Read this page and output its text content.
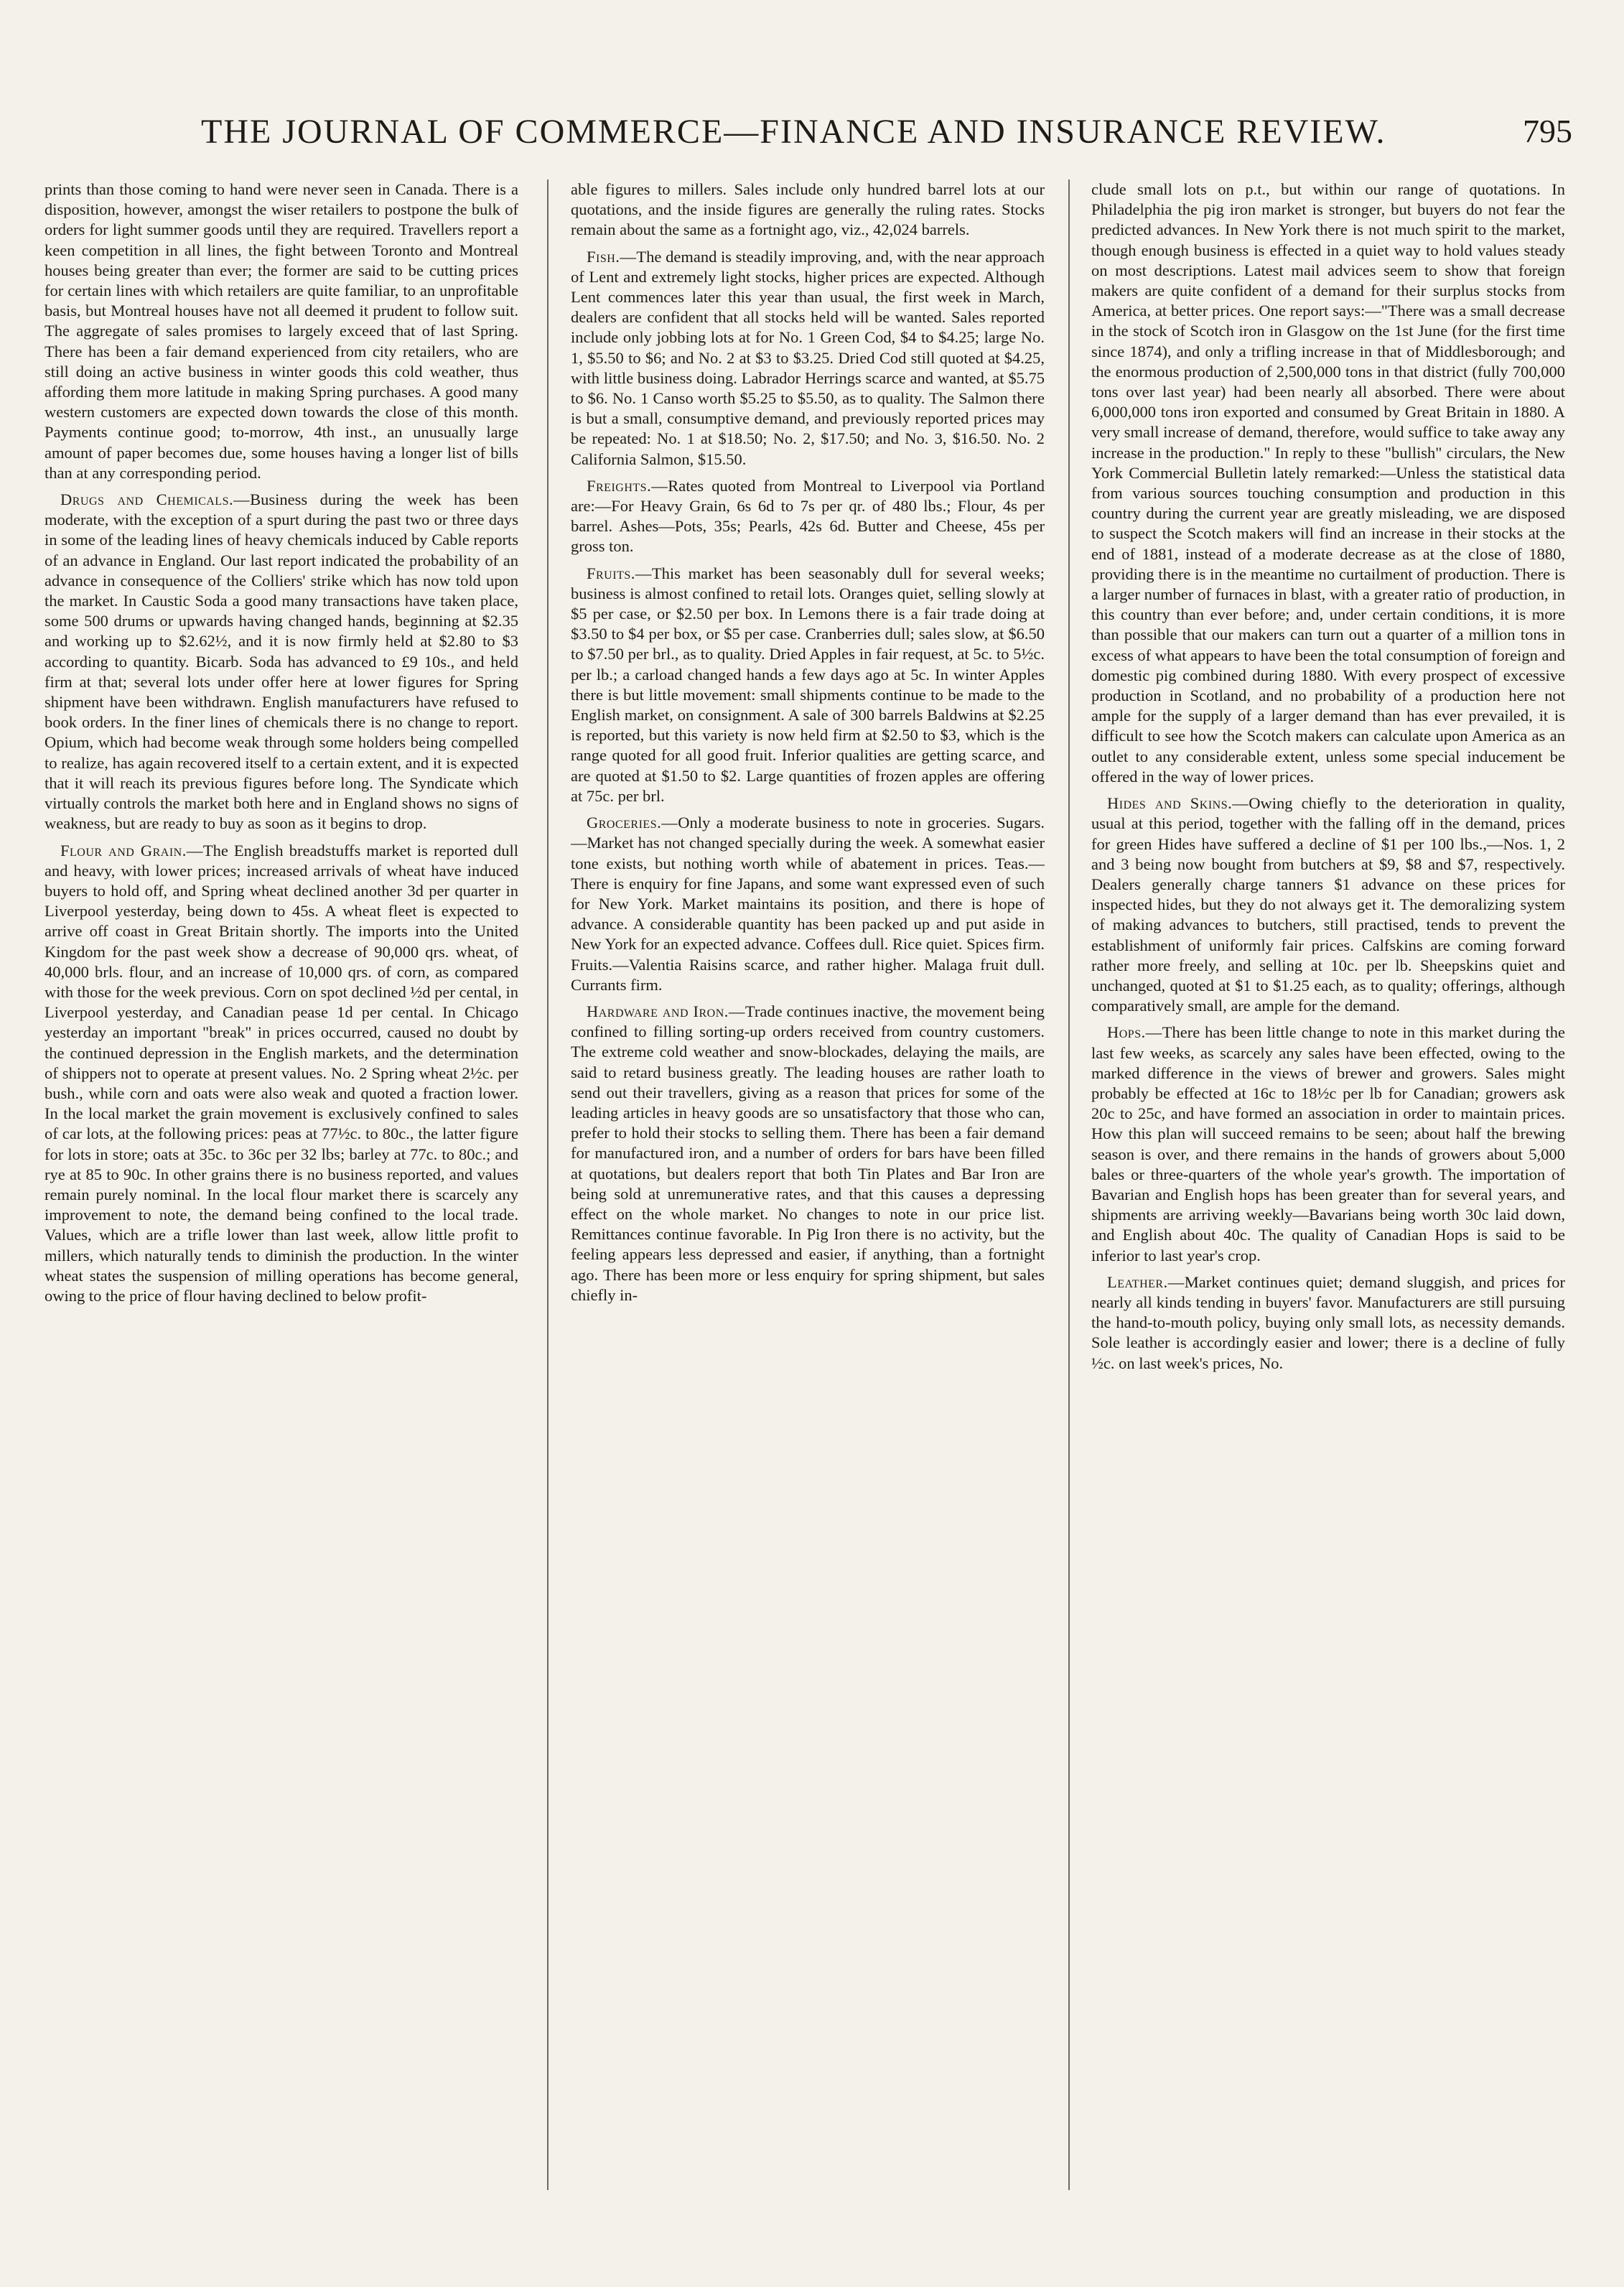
THE JOURNAL OF COMMERCE—FINANCE AND INSURANCE REVIEW.	795

prints than those coming to hand were never seen in Canada. There is a disposition, however, amongst the wiser retailers to postpone the bulk of orders for light summer goods until they are required. Travellers report a keen competition in all lines, the fight between Toronto and Montreal houses being greater than ever; the former are said to be cutting prices for certain lines with which retailers are quite familiar, to an unprofitable basis, but Montreal houses have not all deemed it prudent to follow suit. The aggregate of sales promises to largely exceed that of last Spring. There has been a fair demand experienced from city retailers, who are still doing an active business in winter goods this cold weather, thus affording them more latitude in making Spring purchases. A good many western customers are expected down towards the close of this month. Payments continue good; to-morrow, 4th inst., an unusually large amount of paper becomes due, some houses having a longer list of bills than at any corresponding period.

Drugs and Chemicals.—Business during the week has been moderate, with the exception of a spurt during the past two or three days in some of the leading lines of heavy chemicals induced by Cable reports of an advance in England. Our last report indicated the probability of an advance in consequence of the Colliers' strike which has now told upon the market. In Caustic Soda a good many transactions have taken place, some 500 drums or upwards having changed hands, beginning at $2.35 and working up to $2.62½, and it is now firmly held at $2.80 to $3 according to quantity. Bicarb. Soda has advanced to £9 10s., and held firm at that; several lots under offer here at lower figures for Spring shipment have been withdrawn. English manufacturers have refused to book orders. In the finer lines of chemicals there is no change to report. Opium, which had become weak through some holders being compelled to realize, has again recovered itself to a certain extent, and it is expected that it will reach its previous figures before long. The Syndicate which virtually controls the market both here and in England shows no signs of weakness, but are ready to buy as soon as it begins to drop.

Flour and Grain.—The English breadstuffs market is reported dull and heavy, with lower prices; increased arrivals of wheat have induced buyers to hold off, and Spring wheat declined another 3d per quarter in Liverpool yesterday, being down to 45s. A wheat fleet is expected to arrive off coast in Great Britain shortly. The imports into the United Kingdom for the past week show a decrease of 90,000 qrs. wheat, of 40,000 brls. flour, and an increase of 10,000 qrs. of corn, as compared with those for the week previous. Corn on spot declined ½d per cental, in Liverpool yesterday, and Canadian pease 1d per cental. In Chicago yesterday an important "break" in prices occurred, caused no doubt by the continued depression in the English markets, and the determination of shippers not to operate at present values. No. 2 Spring wheat 2½c. per bush., while corn and oats were also weak and quoted a fraction lower. In the local market the grain movement is exclusively confined to sales of car lots, at the following prices: peas at 77½c. to 80c., the latter figure for lots in store; oats at 35c. to 36c per 32 lbs; barley at 77c. to 80c.; and rye at 85 to 90c. In other grains there is no business reported, and values remain purely nominal. In the local flour market there is scarcely any improvement to note, the demand being confined to the local trade. Values, which are a trifle lower than last week, allow little profit to millers, which naturally tends to diminish the production. In the winter wheat states the suspension of milling operations has become general, owing to the price of flour having declined to below profit-

able figures to millers. Sales include only hundred barrel lots at our quotations, and the inside figures are generally the ruling rates. Stocks remain about the same as a fortnight ago, viz., 42,024 barrels.

Fish.—The demand is steadily improving, and, with the near approach of Lent and extremely light stocks, higher prices are expected. Although Lent commences later this year than usual, the first week in March, dealers are confident that all stocks held will be wanted. Sales reported include only jobbing lots at for No. 1 Green Cod, $4 to $4.25; large No. 1, $5.50 to $6; and No. 2 at $3 to $3.25. Dried Cod still quoted at $4.25, with little business doing. Labrador Herrings scarce and wanted, at $5.75 to $6. No. 1 Canso worth $5.25 to $5.50, as to quality. The Salmon there is but a small, consumptive demand, and previously reported prices may be repeated: No. 1 at $18.50; No. 2, $17.50; and No. 3, $16.50. No. 2 California Salmon, $15.50.

Freights.—Rates quoted from Montreal to Liverpool via Portland are:—For Heavy Grain, 6s 6d to 7s per qr. of 480 lbs.; Flour, 4s per barrel. Ashes—Pots, 35s; Pearls, 42s 6d. Butter and Cheese, 45s per gross ton.

Fruits.—This market has been seasonably dull for several weeks; business is almost confined to retail lots. Oranges quiet, selling slowly at $5 per case, or $2.50 per box. In Lemons there is a fair trade doing at $3.50 to $4 per box, or $5 per case. Cranberries dull; sales slow, at $6.50 to $7.50 per brl., as to quality. Dried Apples in fair request, at 5c. to 5½c. per lb.; a carload changed hands a few days ago at 5c. In winter Apples there is but little movement: small shipments continue to be made to the English market, on consignment. A sale of 300 barrels Baldwins at $2.25 is reported, but this variety is now held firm at $2.50 to $3, which is the range quoted for all good fruit. Inferior qualities are getting scarce, and are quoted at $1.50 to $2. Large quantities of frozen apples are offering at 75c. per brl.

Groceries.—Only a moderate business to note in groceries. Sugars.—Market has not changed specially during the week. A somewhat easier tone exists, but nothing worth while of abatement in prices. Teas.—There is enquiry for fine Japans, and some want expressed even of such for New York. Market maintains its position, and there is hope of advance. A considerable quantity has been packed up and put aside in New York for an expected advance. Coffees dull. Rice quiet. Spices firm. Fruits.—Valentia Raisins scarce, and rather higher. Malaga fruit dull. Currants firm.

Hardware and Iron.—Trade continues inactive, the movement being confined to filling sorting-up orders received from country customers. The extreme cold weather and snow-blockades, delaying the mails, are said to retard business greatly. The leading houses are rather loath to send out their travellers, giving as a reason that prices for some of the leading articles in heavy goods are so unsatisfactory that those who can, prefer to hold their stocks to selling them. There has been a fair demand for manufactured iron, and a number of orders for bars have been filled at quotations, but dealers report that both Tin Plates and Bar Iron are being sold at unremunerative rates, and that this causes a depressing effect on the whole market. No changes to note in our price list. Remittances continue favorable. In Pig Iron there is no activity, but the feeling appears less depressed and easier, if anything, than a fortnight ago. There has been more or less enquiry for spring shipment, but sales chiefly in-

clude small lots on p.t., but within our range of quotations. In Philadelphia the pig iron market is stronger, but buyers do not fear the predicted advances. In New York there is not much spirit to the market, though enough business is effected in a quiet way to hold values steady on most descriptions. Latest mail advices seem to show that foreign makers are quite confident of a demand for their surplus stocks from America, at better prices. One report says:—"There was a small decrease in the stock of Scotch iron in Glasgow on the 1st June (for the first time since 1874), and only a trifling increase in that of Middlesborough; and the enormous production of 2,500,000 tons in that district (fully 700,000 tons over last year) had been nearly all absorbed. There were about 6,000,000 tons iron exported and consumed by Great Britain in 1880. A very small increase of demand, therefore, would suffice to take away any increase in the production." In reply to these "bullish" circulars, the New York Commercial Bulletin lately remarked:—Unless the statistical data from various sources touching consumption and production in this country during the current year are greatly misleading, we are disposed to suspect the Scotch makers will find an increase in their stocks at the end of 1881, instead of a moderate decrease as at the close of 1880, providing there is in the meantime no curtailment of production. There is a larger number of furnaces in blast, with a greater ratio of production, in this country than ever before; and, under certain conditions, it is more than possible that our makers can turn out a quarter of a million tons in excess of what appears to have been the total consumption of foreign and domestic pig combined during 1880. With every prospect of excessive production in Scotland, and no probability of a production here not ample for the supply of a larger demand than has ever prevailed, it is difficult to see how the Scotch makers can calculate upon America as an outlet to any considerable extent, unless some special inducement be offered in the way of lower prices.

Hides and Skins.—Owing chiefly to the deterioration in quality, usual at this period, together with the falling off in the demand, prices for green Hides have suffered a decline of $1 per 100 lbs.,—Nos. 1, 2 and 3 being now bought from butchers at $9, $8 and $7, respectively. Dealers generally charge tanners $1 advance on these prices for inspected hides, but they do not always get it. The demoralizing system of making advances to butchers, still practised, tends to prevent the establishment of uniformly fair prices. Calfskins are coming forward rather more freely, and selling at 10c. per lb. Sheepskins quiet and unchanged, quoted at $1 to $1.25 each, as to quality; offerings, although comparatively small, are ample for the demand.

Hops.—There has been little change to note in this market during the last few weeks, as scarcely any sales have been effected, owing to the marked difference in the views of brewer and growers. Sales might probably be effected at 16c to 18½c per lb for Canadian; growers ask 20c to 25c, and have formed an association in order to maintain prices. How this plan will succeed remains to be seen; about half the brewing season is over, and there remains in the hands of growers about 5,000 bales or three-quarters of the whole year's growth. The importation of Bavarian and English hops has been greater than for several years, and shipments are arriving weekly—Bavarians being worth 30c laid down, and English about 40c. The quality of Canadian Hops is said to be inferior to last year's crop.

Leather.—Market continues quiet; demand sluggish, and prices for nearly all kinds tending in buyers' favor. Manufacturers are still pursuing the hand-to-mouth policy, buying only small lots, as necessity demands. Sole leather is accordingly easier and lower; there is a decline of fully ½c. on last week's prices, No.
